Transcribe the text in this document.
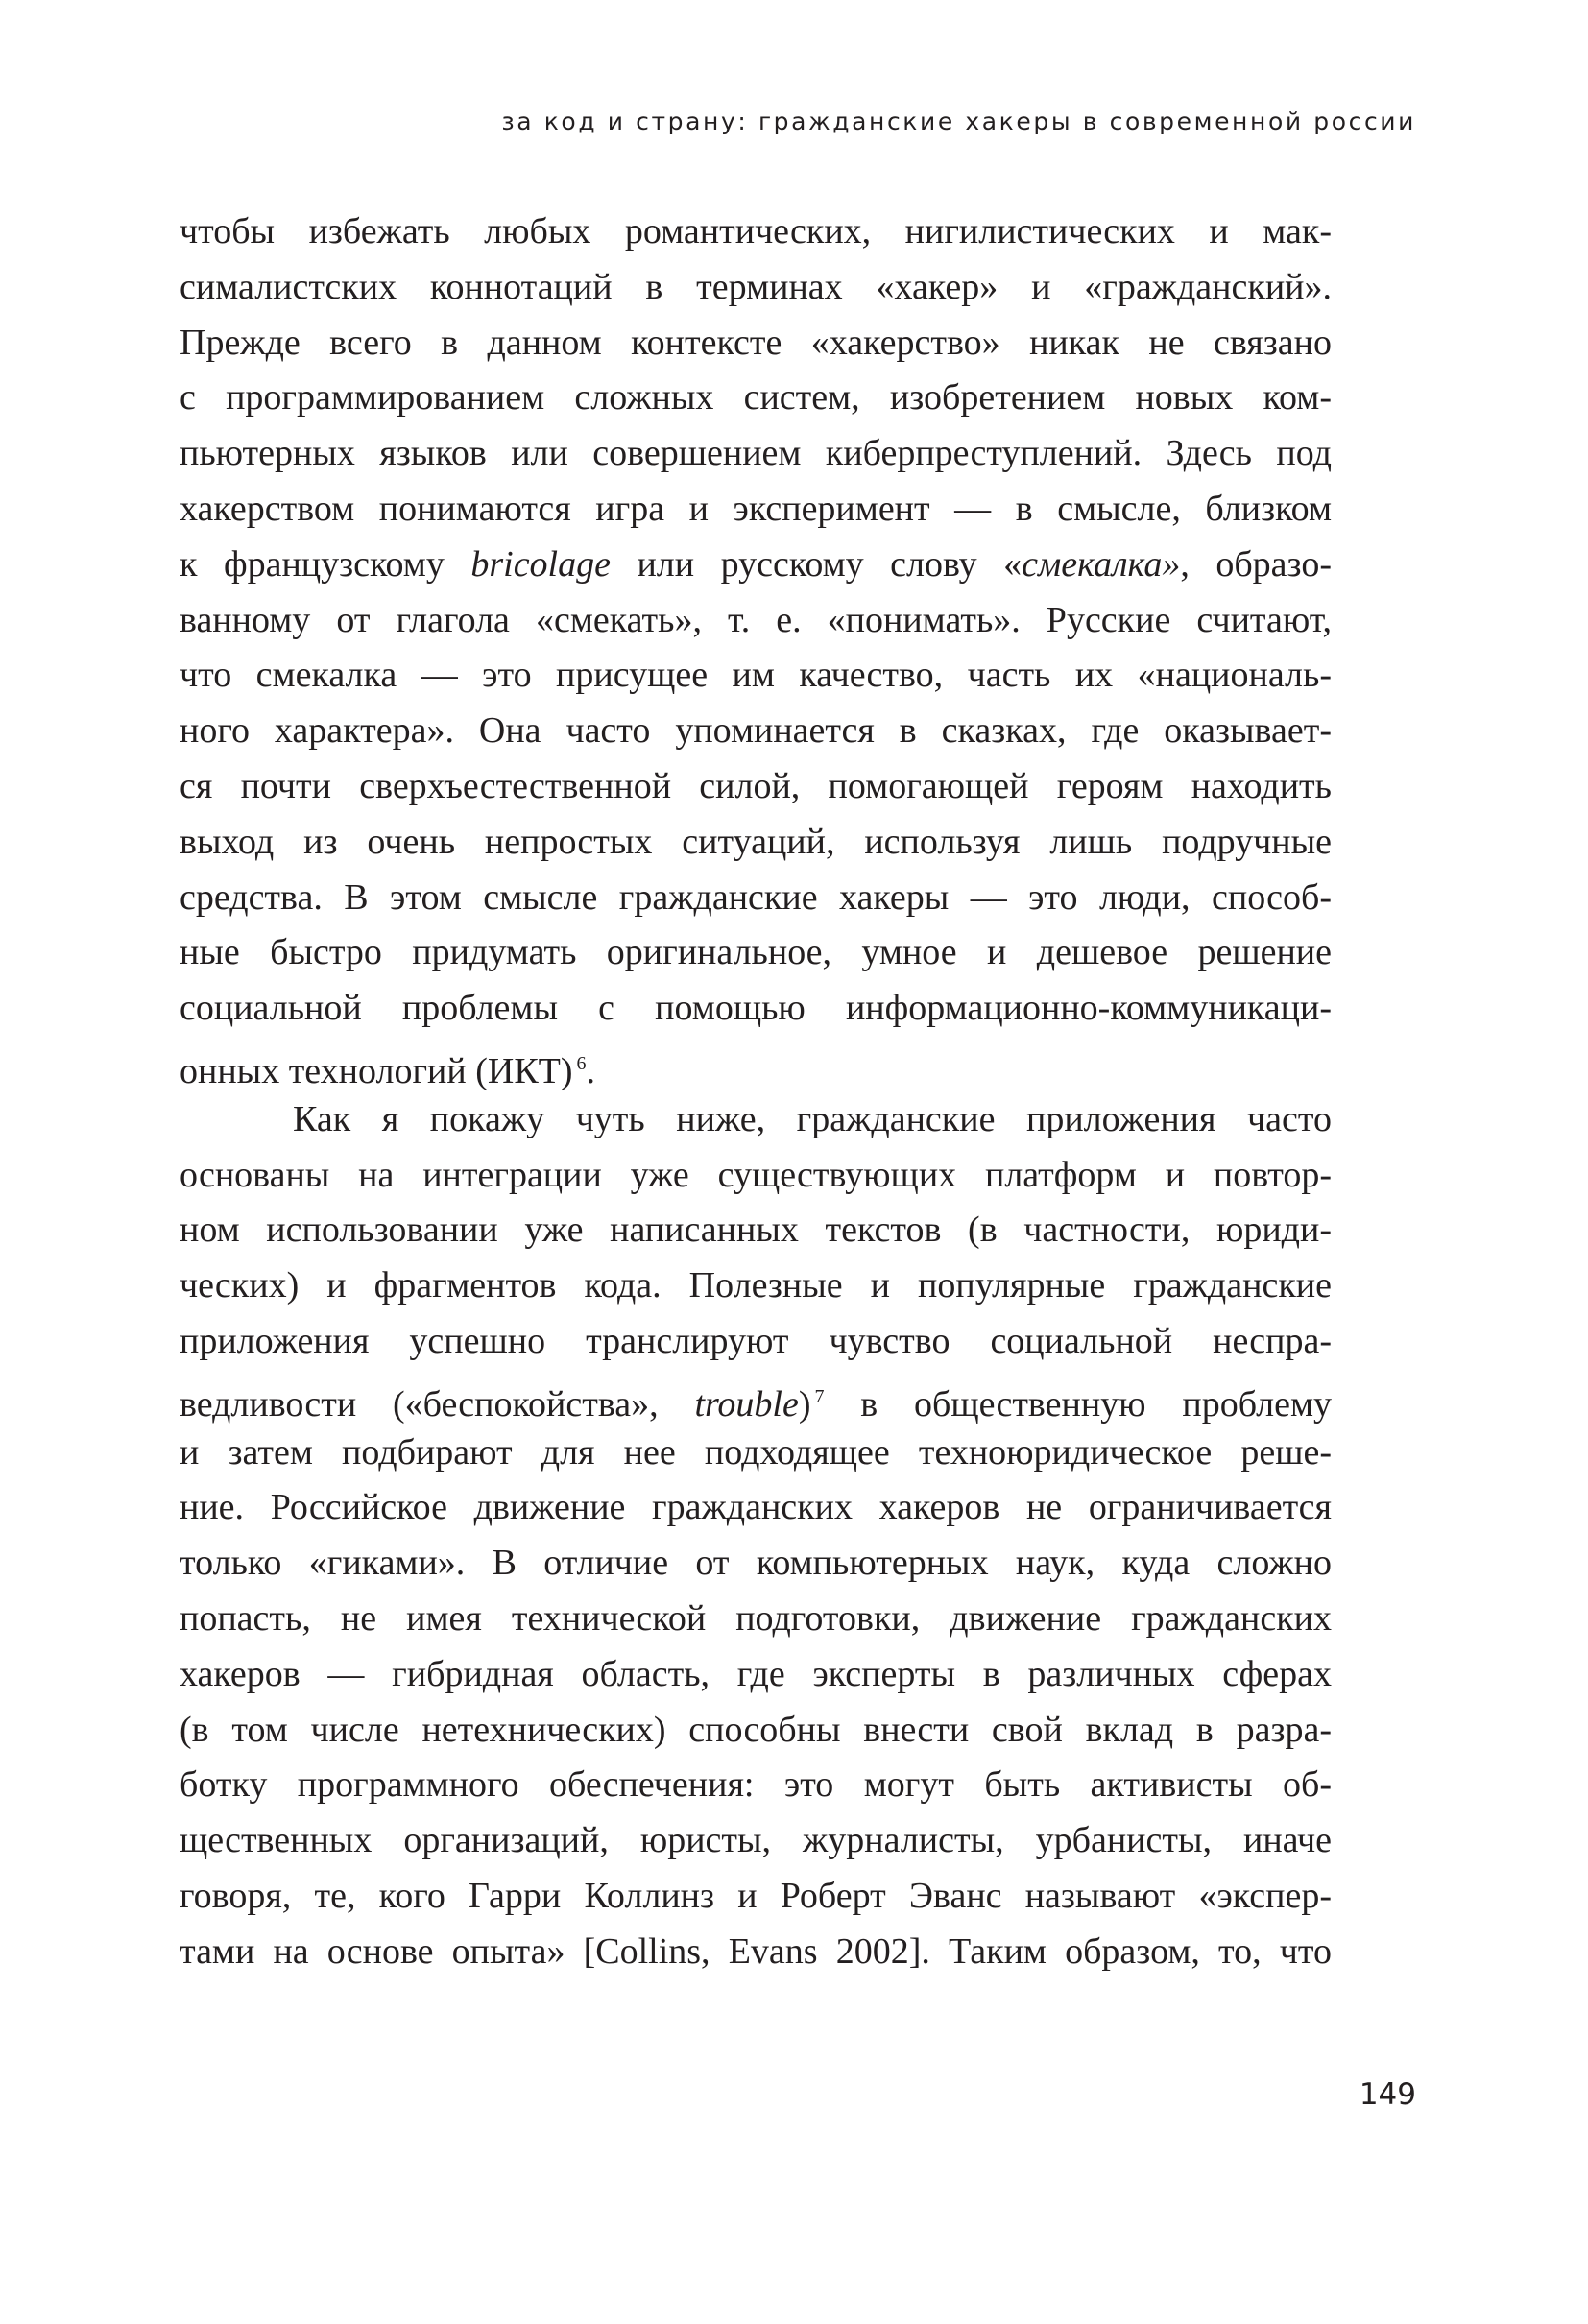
за код и страну: гражданские хакеры в современной россии
чтобы избежать любых романтических, нигилистических и мак-
сималистских коннотаций в терминах «хакер» и «гражданский».
Прежде всего в данном контексте «хакерство» никак не связано
с программированием сложных систем, изобретением новых ком-
пьютерных языков или совершением киберпреступлений. Здесь под
хакерством понимаются игра и эксперимент — в смысле, близком
к французскому bricolage или русскому слову «смекалка», образо-
ванному от глагола «смекать», т. е. «понимать». Русские считают,
что смекалка — это присущее им качество, часть их «националь-
ного характера». Она часто упоминается в сказках, где оказывает-
ся почти сверхъестественной силой, помогающей героям находить
выход из очень непростых ситуаций, используя лишь подручные
средства. В этом смысле гражданские хакеры — это люди, способ-
ные быстро придумать оригинальное, умное и дешевое решение
социальной проблемы с помощью информационно-коммуникаци-
онных технологий (ИКТ) $^6$.
Как я покажу чуть ниже, гражданские приложения часто
основаны на интеграции уже существующих платформ и повтор-
ном использовании уже написанных текстов (в частности, юриди-
ческих) и фрагментов кода. Полезные и популярные гражданские
приложения успешно транслируют чувство социальной неспра-
ведливости («беспокойства», trouble) $^7$ в общественную проблему
и затем подбирают для нее подходящее техноюридическое реше-
ние. Российское движение гражданских хакеров не ограничивается
только «гиками». В отличие от компьютерных наук, куда сложно
попасть, не имея технической подготовки, движение гражданских
хакеров — гибридная область, где эксперты в различных сферах
(в том числе нетехнических) способны внести свой вклад в разра-
ботку программного обеспечения: это могут быть активисты об-
щественных организаций, юристы, журналисты, урбанисты, иначе
говоря, те, кого Гарри Коллинз и Роберт Эванс называют «экспер-
тами на основе опыта» [Collins, Evans 2002]. Таким образом, то, что
149
